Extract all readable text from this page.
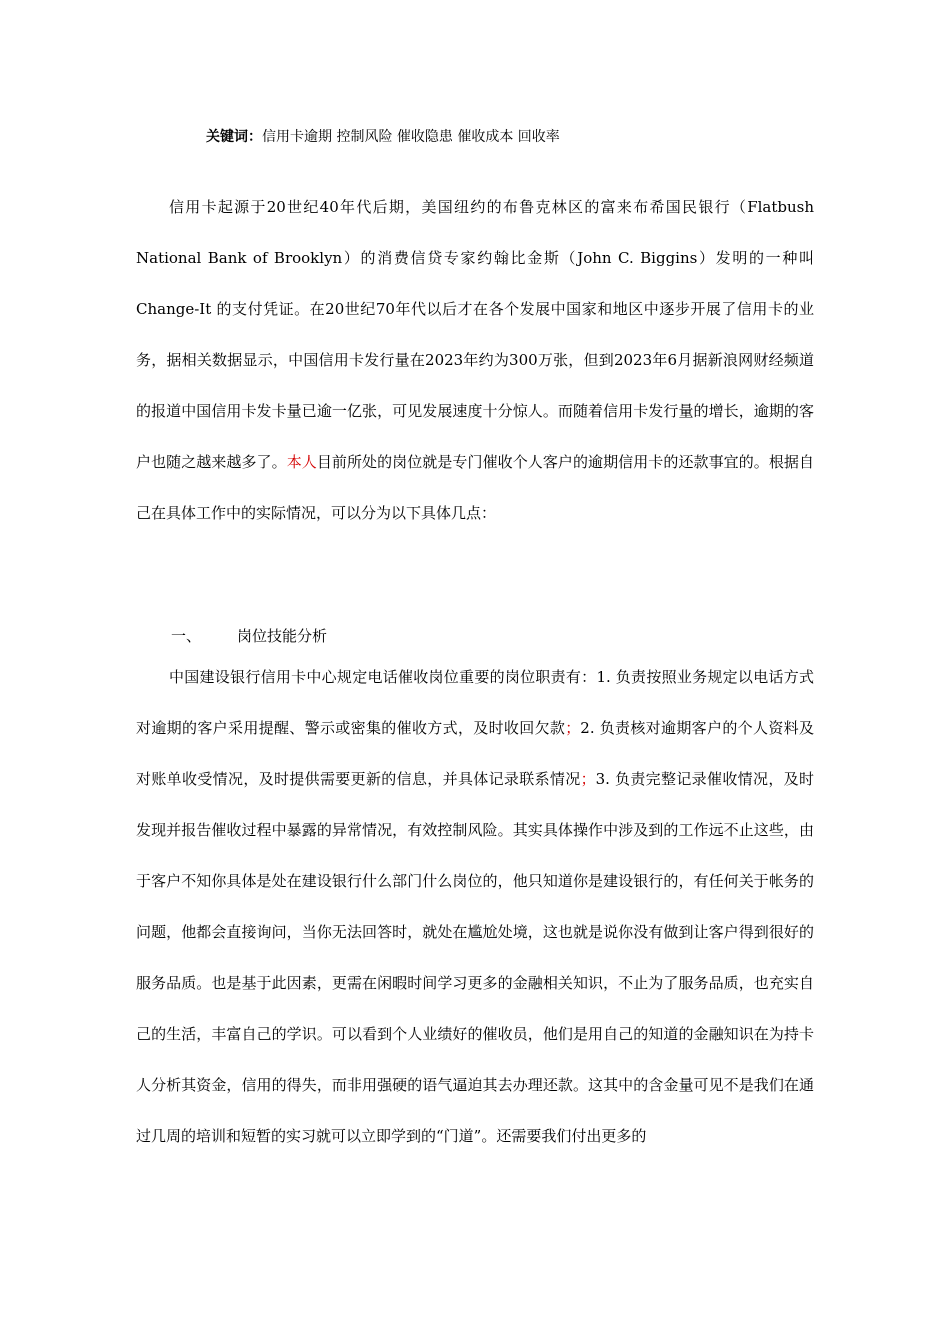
关键词：信用卡逾期 控制风险 催收隐患 催收成本 回收率

信用卡起源于20世纪40年代后期，美国纽约的布鲁克林区的富来布希国民银行（Flatbush National Bank of Brooklyn）的消费信贷专家约翰比金斯（John C. Biggins）发明的一种叫Change-It 的支付凭证。在20世纪70年代以后才在各个发展中国家和地区中逐步开展了信用卡的业务，据相关数据显示，中国信用卡发行量在2023年约为300万张，但到2023年6月据新浪网财经频道的报道中国信用卡发卡量已逾一亿张，可见发展速度十分惊人。而随着信用卡发行量的增长，逾期的客户也随之越来越多了。本人目前所处的岗位就是专门催收个人客户的逾期信用卡的还款事宜的。根据自己在具体工作中的实际情况，可以分为以下具体几点：

一、 岗位技能分析

中国建设银行信用卡中心规定电话催收岗位重要的岗位职责有：1. 负责按照业务规定以电话方式对逾期的客户采用提醒、警示或密集的催收方式，及时收回欠款；2. 负责核对逾期客户的个人资料及对账单收受情况，及时提供需要更新的信息，并具体记录联系情况；3. 负责完整记录催收情况，及时发现并报告催收过程中暴露的异常情况，有效控制风险。其实具体操作中涉及到的工作远不止这些，由于客户不知你具体是处在建设银行什么部门什么岗位的，他只知道你是建设银行的，有任何关于帐务的问题，他都会直接询问，当你无法回答时，就处在尴尬处境，这也就是说你没有做到让客户得到很好的服务品质。也是基于此因素，更需在闲暇时间学习更多的金融相关知识，不止为了服务品质，也充实自己的生活，丰富自己的学识。可以看到个人业绩好的催收员，他们是用自己的知道的金融知识在为持卡人分析其资金，信用的得失，而非用强硬的语气逼迫其去办理还款。这其中的含金量可见不是我们在通过几周的培训和短暂的实习就可以立即学到的“门道”。还需要我们付出更多的
